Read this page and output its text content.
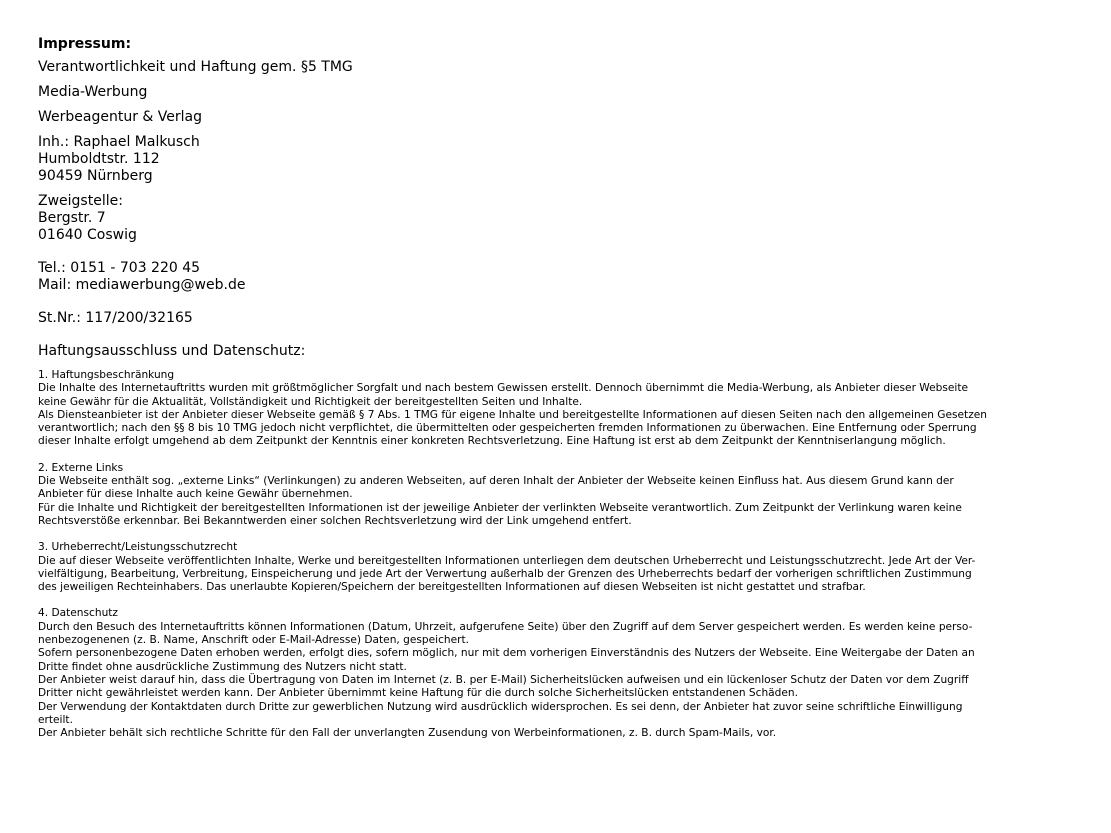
Impressum:
Verantwortlichkeit und Haftung gem. §5 TMG
Media-Werbung
Werbeagentur & Verlag
Inh.: Raphael Malkusch
Humboldtstr. 112
90459 Nürnberg
Zweigstelle:
Bergstr. 7
01640 Coswig
Tel.: 0151 - 703 220 45
Mail: mediawerbung@web.de
St.Nr.: 117/200/32165
Haftungsausschluss und Datenschutz:
1. Haftungsbeschränkung
Die Inhalte des Internetauftritts wurden mit größtmöglicher Sorgfalt und nach bestem Gewissen erstellt. Dennoch übernimmt die Media-Werbung, als Anbieter dieser Webseite
keine Gewähr für die Aktualität, Vollständigkeit und Richtigkeit der bereitgestellten Seiten und Inhalte.
Als Diensteanbieter ist der Anbieter dieser Webseite gemäß § 7 Abs. 1 TMG für eigene Inhalte und bereitgestellte Informationen auf diesen Seiten nach den allgemeinen Gesetzen
verantwortlich; nach den §§ 8 bis 10 TMG jedoch nicht verpflichtet, die übermittelten oder gespeicherten fremden Informationen zu überwachen. Eine Entfernung oder Sperrung
dieser Inhalte erfolgt umgehend ab dem Zeitpunkt der Kenntnis einer konkreten Rechtsverletzung. Eine Haftung ist erst ab dem Zeitpunkt der Kenntniserlangung möglich.
2. Externe Links
Die Webseite enthält sog. „externe Links“ (Verlinkungen) zu anderen Webseiten, auf deren Inhalt der Anbieter der Webseite keinen Einfluss hat. Aus diesem Grund kann der
Anbieter für diese Inhalte auch keine Gewähr übernehmen.
Für die Inhalte und Richtigkeit der bereitgestellten Informationen ist der jeweilige Anbieter der verlinkten Webseite verantwortlich. Zum Zeitpunkt der Verlinkung waren keine
Rechtsverstöße erkennbar. Bei Bekanntwerden einer solchen Rechtsverletzung wird der Link umgehend entfert.
3. Urheberrecht/Leistungsschutzrecht
Die auf dieser Webseite veröffentlichten Inhalte, Werke und bereitgestellten Informationen unterliegen dem deutschen Urheberrecht und Leistungsschutzrecht. Jede Art der Ver-
vielfältigung, Bearbeitung, Verbreitung, Einspeicherung und jede Art der Verwertung außerhalb der Grenzen des Urheberrechts bedarf der vorherigen schriftlichen Zustimmung
des jeweiligen Rechteinhabers. Das unerlaubte Kopieren/Speichern der bereitgestellten Informationen auf diesen Webseiten ist nicht gestattet und strafbar.
4. Datenschutz
Durch den Besuch des Internetauftritts können Informationen (Datum, Uhrzeit, aufgerufene Seite) über den Zugriff auf dem Server gespeichert werden. Es werden keine perso-
nenbezogenenen (z. B. Name, Anschrift oder E-Mail-Adresse) Daten, gespeichert.
Sofern personenbezogene Daten erhoben werden, erfolgt dies, sofern möglich, nur mit dem vorherigen Einverständnis des Nutzers der Webseite. Eine Weitergabe der Daten an
Dritte findet ohne ausdrückliche Zustimmung des Nutzers nicht statt.
Der Anbieter weist darauf hin, dass die Übertragung von Daten im Internet (z. B. per E-Mail) Sicherheitslücken aufweisen und ein lückenloser Schutz der Daten vor dem Zugriff
Dritter nicht gewährleistet werden kann. Der Anbieter übernimmt keine Haftung für die durch solche Sicherheitslücken entstandenen Schäden.
Der Verwendung der Kontaktdaten durch Dritte zur gewerblichen Nutzung wird ausdrücklich widersprochen. Es sei denn, der Anbieter hat zuvor seine schriftliche Einwilligung
erteilt.
Der Anbieter behält sich rechtliche Schritte für den Fall der unverlangten Zusendung von Werbeinformationen, z. B. durch Spam-Mails, vor.
